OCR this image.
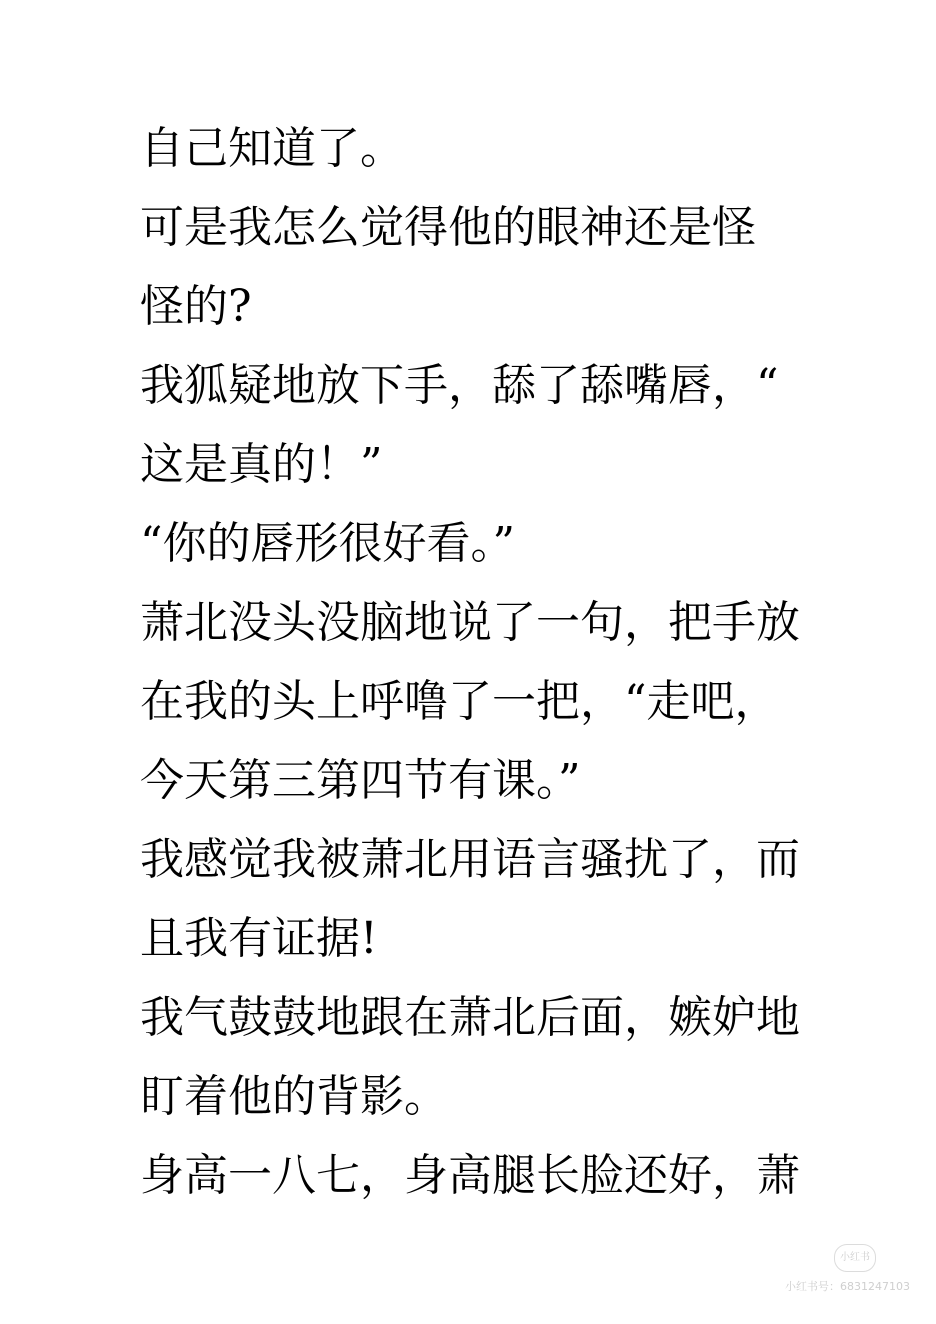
自己知道了。
可是我怎么觉得他的眼神还是怪
怪的?
我狐疑地放下手，舔了舔嘴唇，“
这是真的！”
“你的唇形很好看。”
萧北没头没脑地说了一句，把手放
在我的头上呼噜了一把，“走吧，
今天第三第四节有课。”
我感觉我被萧北用语言骚扰了，而
且我有证据!
我气鼓鼓地跟在萧北后面，嫉妒地
盯着他的背影。
身高一八七，身高腿长脸还好，萧
小红书
小红书号：6831247103
